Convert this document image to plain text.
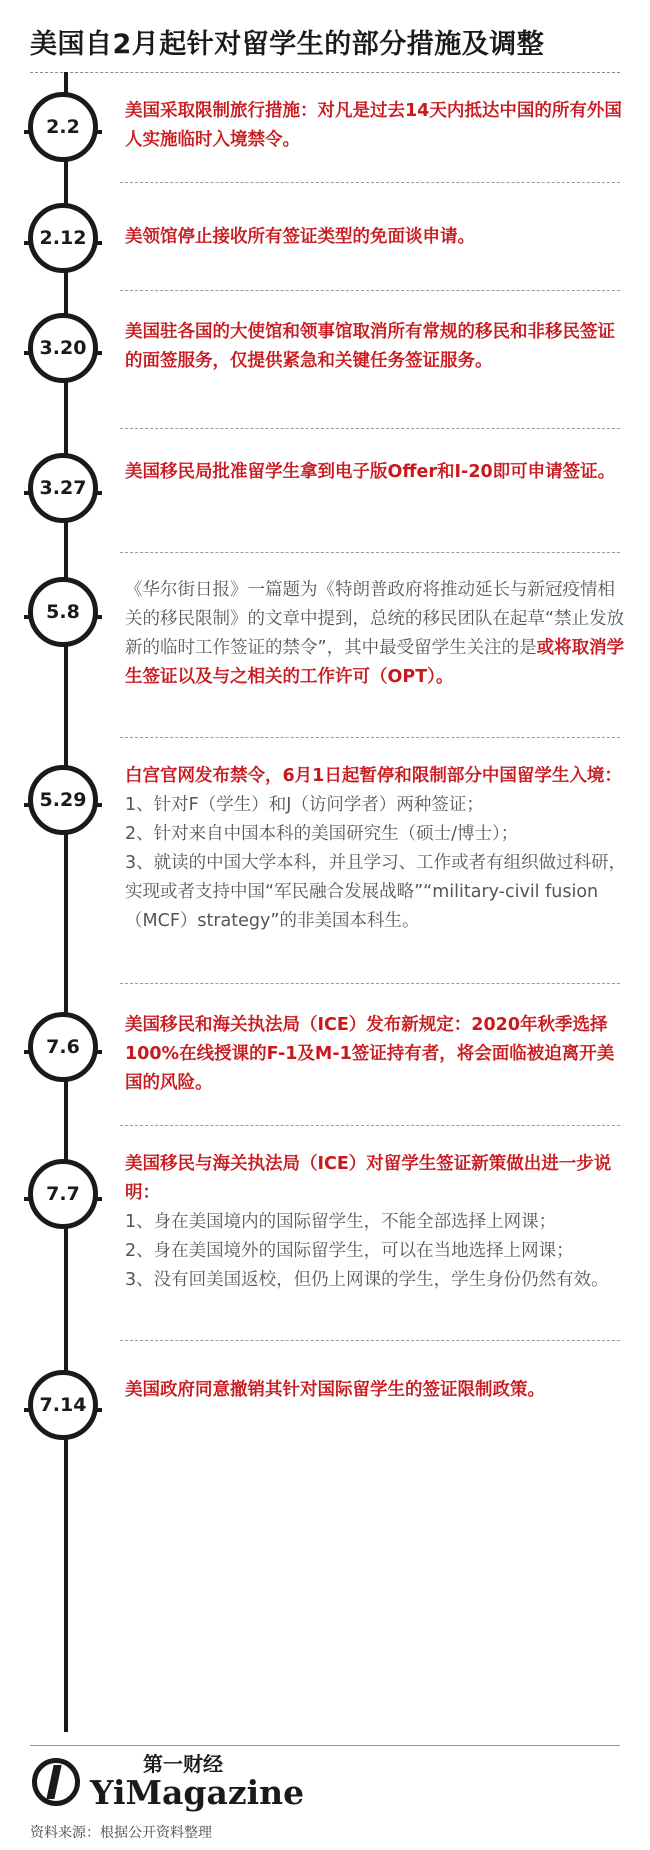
美国自2月起针对留学生的部分措施及调整
2.2

美国采取限制旅行措施：对凡是过去14天内抵达中国的所有外国人实施临时入境禁令。

2.12 美领馆停止接收所有签证类型的免面谈申请。

3.20

美国驻各国的大使馆和领事馆取消所有常规的移民和非移民签证的面签服务，仅提供紧急和关键任务签证服务。

3.27

美国移民局批准留学生拿到电子版Offer和I-20即可申请签证。

5.8

《华尔街日报》一篇题为《特朗普政府将推动延长与新冠疫情相关的移民限制》的文章中提到，总统的移民团队在起草“禁止发放新的临时工作签证的禁令”，其中最受留学生关注的是或将取消学生签证以及与之相关的工作许可（OPT）。

5.29

白宫官网发布禁令，6月1日起暂停和限制部分中国留学生入境：

1、针对F（学生）和J（访问学者）两种签证；

2、针对来自中国本科的美国研究生（硕士/博士）；

3、就读的中国大学本科，并且学习、工作或者有组织做过科研，实现或者支持中国“军民融合发展战略”“military-civil fusion（MCF）strategy”的非美国本科生。

7.6

美国移民和海关执法局（ICE）发布新规定：2020年秋季选择100%在线授课的F-1及M-1签证持有者，将会面临被迫离开美国的风险。

7.7

美国移民与海关执法局（ICE）对留学生签证新策做出进一步说明：

1、身在美国境内的国际留学生，不能全部选择上网课；

2、身在美国境外的国际留学生，可以在当地选择上网课；

3、没有回美国返校，但仍上网课的学生，学生身份仍然有效。

7.14

美国政府同意撤销其针对国际留学生的签证限制政策。

第一财经
YiMagazine
资料来源：根据公开资料整理
